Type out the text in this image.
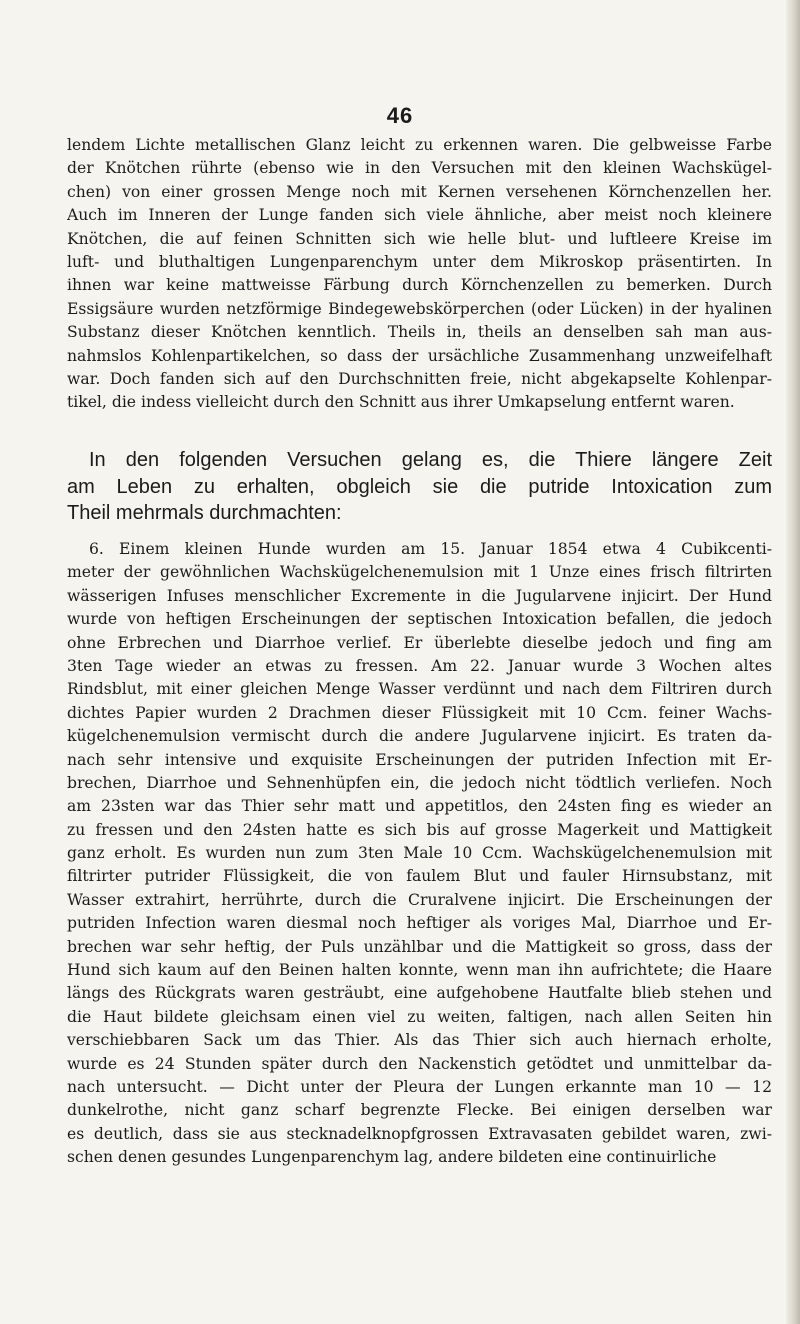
46
lendem Lichte metallischen Glanz leicht zu erkennen waren. Die gelbweisse Farbe
der Knötchen rührte (ebenso wie in den Versuchen mit den kleinen Wachskügel-
chen) von einer grossen Menge noch mit Kernen versehenen Körnchenzellen her.
Auch im Inneren der Lunge fanden sich viele ähnliche, aber meist noch kleinere
Knötchen, die auf feinen Schnitten sich wie helle blut- und luftleere Kreise im
luft- und bluthaltigen Lungenparenchym unter dem Mikroskop präsentirten. In
ihnen war keine mattweisse Färbung durch Körnchenzellen zu bemerken. Durch
Essigsäure wurden netzförmige Bindegewebskörperchen (oder Lücken) in der hyalinen
Substanz dieser Knötchen kenntlich. Theils in, theils an denselben sah man aus-
nahmslos Kohlenpartikelchen, so dass der ursächliche Zusammenhang unzweifelhaft
war. Doch fanden sich auf den Durchschnitten freie, nicht abgekapselte Kohlenpar-
tikel, die indess vielleicht durch den Schnitt aus ihrer Umkapselung entfernt waren.
In den folgenden Versuchen gelang es, die Thiere längere Zeit
am Leben zu erhalten, obgleich sie die putride Intoxication zum
Theil mehrmals durchmachten:
6. Einem kleinen Hunde wurden am 15. Januar 1854 etwa 4 Cubikcenti-
meter der gewöhnlichen Wachskügelchenemulsion mit 1 Unze eines frisch filtrirten
wässerigen Infuses menschlicher Excremente in die Jugularvene injicirt. Der Hund
wurde von heftigen Erscheinungen der septischen Intoxication befallen, die jedoch
ohne Erbrechen und Diarrhoe verlief. Er überlebte dieselbe jedoch und fing am
3ten Tage wieder an etwas zu fressen. Am 22. Januar wurde 3 Wochen altes
Rindsblut, mit einer gleichen Menge Wasser verdünnt und nach dem Filtriren durch
dichtes Papier wurden 2 Drachmen dieser Flüssigkeit mit 10 Ccm. feiner Wachs-
kügelchenemulsion vermischt durch die andere Jugularvene injicirt. Es traten da-
nach sehr intensive und exquisite Erscheinungen der putriden Infection mit Er-
brechen, Diarrhoe und Sehnenhüpfen ein, die jedoch nicht tödtlich verliefen. Noch
am 23sten war das Thier sehr matt und appetitlos, den 24sten fing es wieder an
zu fressen und den 24sten hatte es sich bis auf grosse Magerkeit und Mattigkeit
ganz erholt. Es wurden nun zum 3ten Male 10 Ccm. Wachskügelchenemulsion mit
filtrirter putrider Flüssigkeit, die von faulem Blut und fauler Hirnsubstanz, mit
Wasser extrahirt, herrührte, durch die Cruralvene injicirt. Die Erscheinungen der
putriden Infection waren diesmal noch heftiger als voriges Mal, Diarrhoe und Er-
brechen war sehr heftig, der Puls unzählbar und die Mattigkeit so gross, dass der
Hund sich kaum auf den Beinen halten konnte, wenn man ihn aufrichtete; die Haare
längs des Rückgrats waren gesträubt, eine aufgehobene Hautfalte blieb stehen und
die Haut bildete gleichsam einen viel zu weiten, faltigen, nach allen Seiten hin
verschiebbaren Sack um das Thier. Als das Thier sich auch hiernach erholte,
wurde es 24 Stunden später durch den Nackenstich getödtet und unmittelbar da-
nach untersucht. — Dicht unter der Pleura der Lungen erkannte man 10 — 12
dunkelrothe, nicht ganz scharf begrenzte Flecke. Bei einigen derselben war
es deutlich, dass sie aus stecknadelknopfgrossen Extravasaten gebildet waren, zwi-
schen denen gesundes Lungenparenchym lag, andere bildeten eine continuirliche
